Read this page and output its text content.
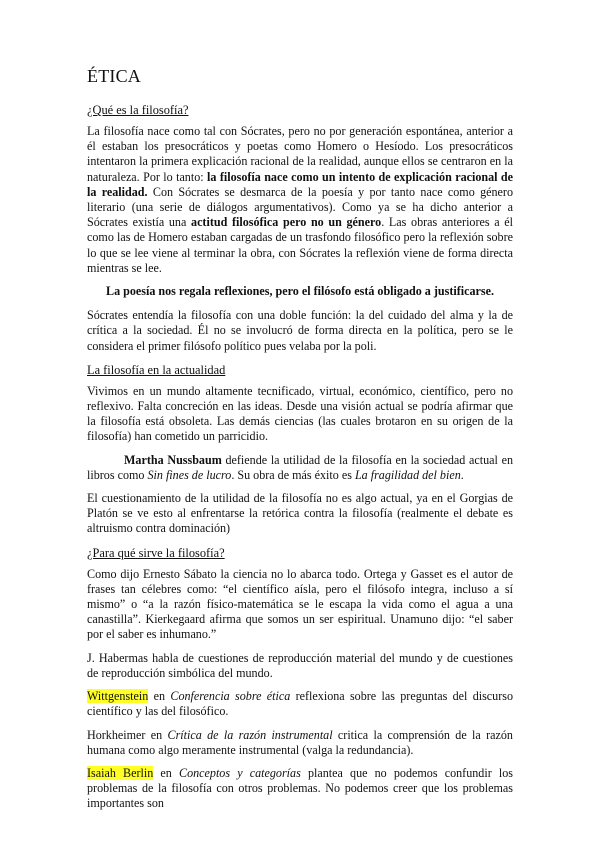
ÉTICA
¿Qué es la filosofía?

La filosofía nace como tal con Sócrates, pero no por generación espontánea, anterior a él estaban los presocráticos y poetas como Homero o Hesíodo. Los presocráticos intentaron la primera explicación racional de la realidad, aunque ellos se centraron en la naturaleza. Por lo tanto: la filosofía nace como un intento de explicación racional de la realidad. Con Sócrates se desmarca de la poesía y por tanto nace como género literario (una serie de diálogos argumentativos). Como ya se ha dicho anterior a Sócrates existía una actitud filosófica pero no un género. Las obras anteriores a él como las de Homero estaban cargadas de un trasfondo filosófico pero la reflexión sobre lo que se lee viene al terminar la obra, con Sócrates la reflexión viene de forma directa mientras se lee.

La poesía nos regala reflexiones, pero el filósofo está obligado a justificarse.

Sócrates entendía la filosofía con una doble función: la del cuidado del alma y la de crítica a la sociedad. Él no se involucró de forma directa en la política, pero se le considera el primer filósofo político pues velaba por la poli.

La filosofía en la actualidad

Vivimos en un mundo altamente tecnificado, virtual, económico, científico, pero no reflexivo. Falta concreción en las ideas. Desde una visión actual se podría afirmar que la filosofía está obsoleta. Las demás ciencias (las cuales brotaron en su origen de la filosofía) han cometido un parricidio.

Martha Nussbaum defiende la utilidad de la filosofía en la sociedad actual en libros como Sin fines de lucro. Su obra de más éxito es La fragilidad del bien.

El cuestionamiento de la utilidad de la filosofía no es algo actual, ya en el Gorgias de Platón se ve esto al enfrentarse la retórica contra la filosofía (realmente el debate es altruismo contra dominación)

¿Para qué sirve la filosofía?

Como dijo Ernesto Sábato la ciencia no lo abarca todo. Ortega y Gasset es el autor de frases tan célebres como: “el científico aísla, pero el filósofo integra, incluso a sí mismo” o “a la razón físico-matemática se le escapa la vida como el agua a una canastilla”. Kierkegaard afirma que somos un ser espiritual. Unamuno dijo: “el saber por el saber es inhumano.”

J. Habermas habla de cuestiones de reproducción material del mundo y de cuestiones de reproducción simbólica del mundo.

Wittgenstein en Conferencia sobre ética reflexiona sobre las preguntas del discurso científico y las del filosófico.

Horkheimer en Crítica de la razón instrumental critica la comprensión de la razón humana como algo meramente instrumental (valga la redundancia).

Isaiah Berlin en Conceptos y categorías plantea que no podemos confundir los problemas de la filosofía con otros problemas. No podemos creer que los problemas importantes son
